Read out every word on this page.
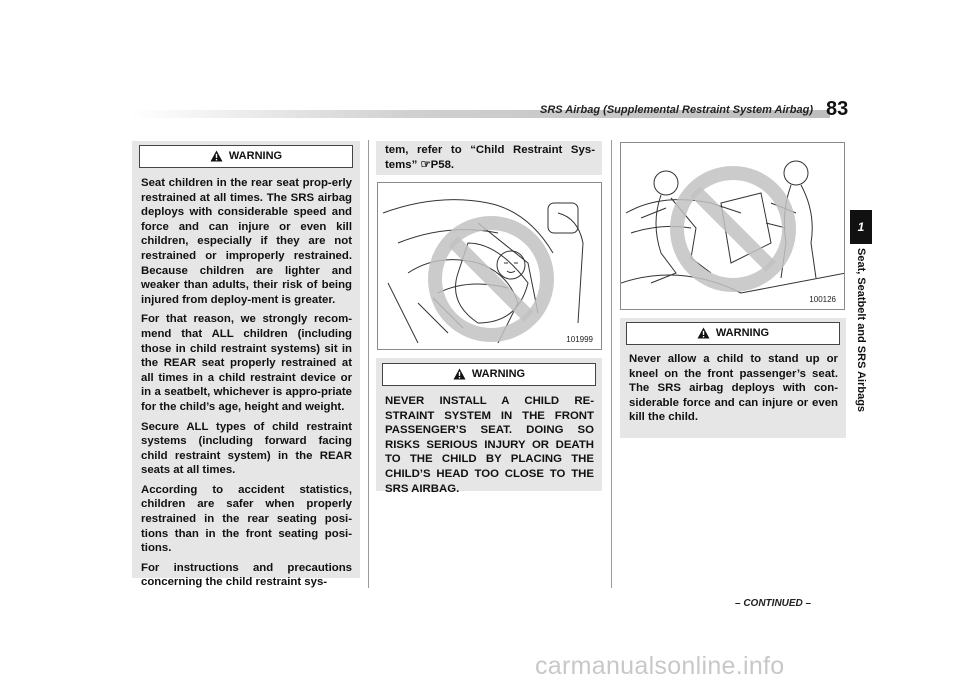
SRS Airbag (Supplemental Restraint System Airbag) 83
1
Seat, Seatbelt and SRS Airbags
WARNING

Seat children in the rear seat prop-erly restrained at all times. The SRS airbag deploys with considerable speed and force and can injure or even kill children, especially if they are not restrained or improperly restrained. Because children are lighter and weaker than adults, their risk of being injured from deploy-ment is greater.

For that reason, we strongly recom-mend that ALL children (including those in child restraint systems) sit in the REAR seat properly restrained at all times in a child restraint device or in a seatbelt, whichever is appro-priate for the child’s age, height and weight.

Secure ALL types of child restraint systems (including forward facing child restraint system) in the REAR seats at all times.

According to accident statistics, children are safer when properly restrained in the rear seating posi-tions than in the front seating posi-tions.

For instructions and precautions concerning the child restraint sys-

tem, refer to “Child Restraint Sys-tems” ☞P58.

101999
WARNING

NEVER INSTALL A CHILD RE-STRAINT SYSTEM IN THE FRONT PASSENGER’S SEAT. DOING SO RISKS SERIOUS INJURY OR DEATH TO THE CHILD BY PLACING THE CHILD’S HEAD TOO CLOSE TO THE SRS AIRBAG.

100126
WARNING

Never allow a child to stand up or kneel on the front passenger’s seat. The SRS airbag deploys with con-siderable force and can injure or even kill the child.

– CONTINUED –
carmanualsonline.info
